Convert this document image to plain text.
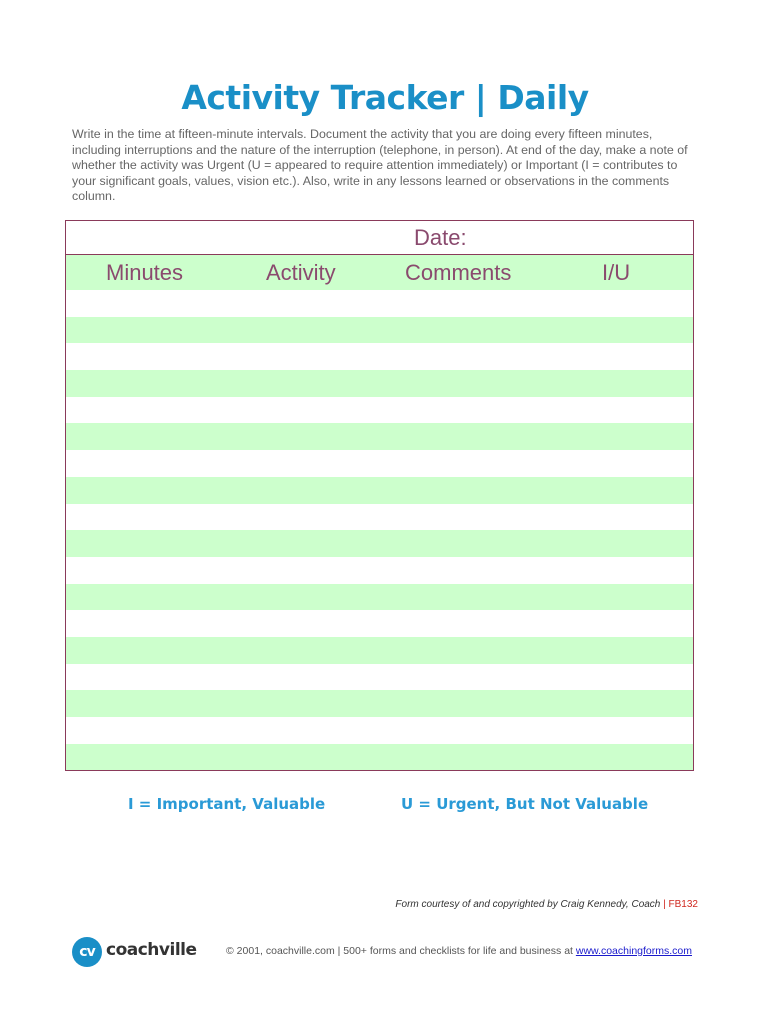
Activity Tracker | Daily
Write in the time at fifteen-minute intervals. Document the activity that you are doing every fifteen minutes, including interruptions and the nature of the interruption (telephone, in person). At end of the day, make a note of whether the activity was Urgent (U = appeared to require attention immediately) or Important (I = contributes to your significant goals, values, vision etc.). Also, write in any lessons learned or observations in the comments column.
Date:
Minutes	Activity	Comments	I/U
I = Important, Valuable	U = Urgent, But Not Valuable
Form courtesy of and copyrighted by Craig Kennedy, Coach | FB132
cv coachville	© 2001, coachville.com | 500+ forms and checklists for life and business at www.coachingforms.com
